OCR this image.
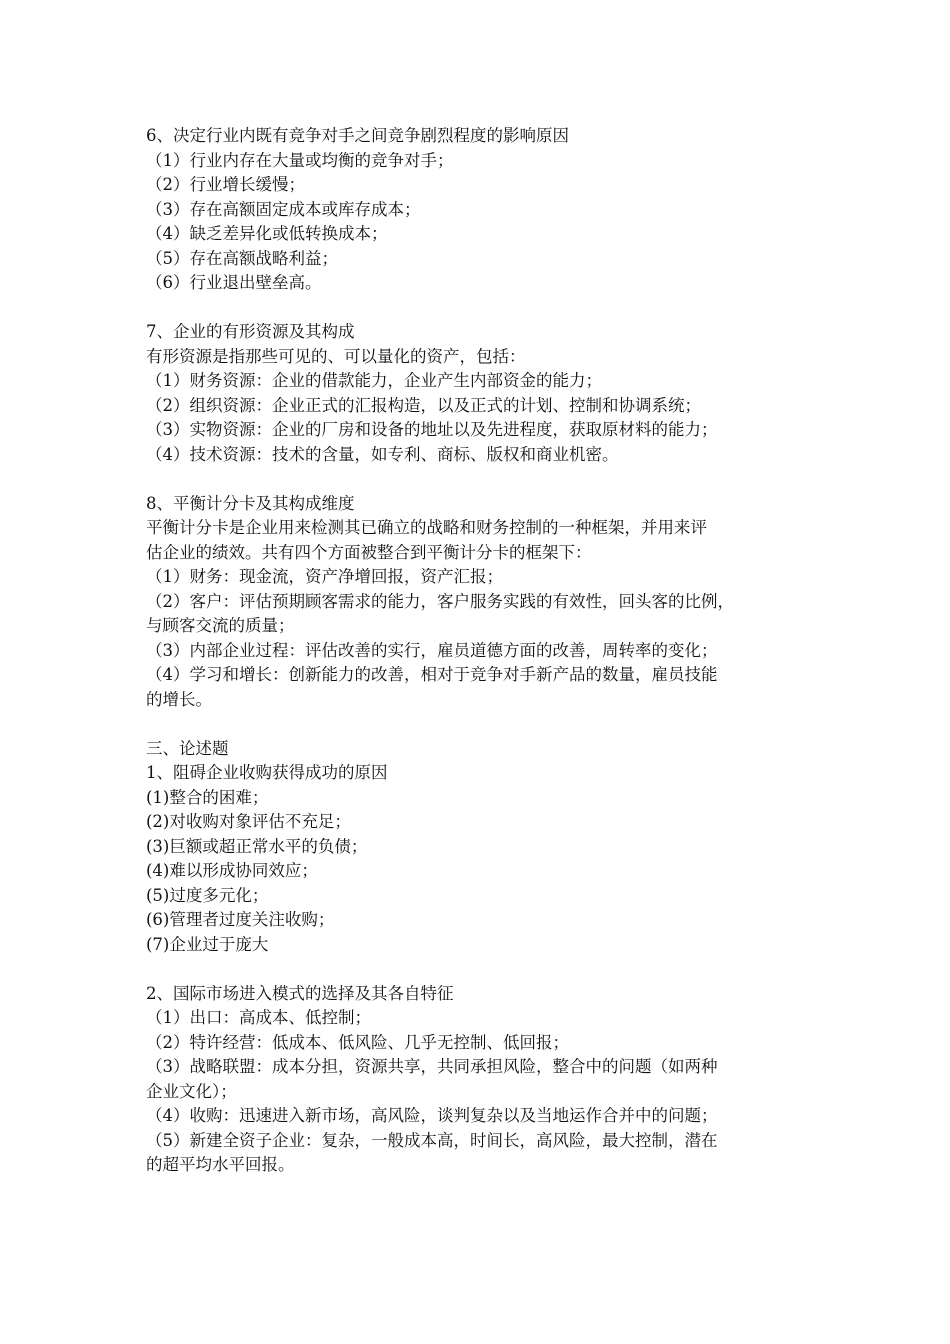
6、决定行业内既有竞争对手之间竞争剧烈程度的影响原因
（1）行业内存在大量或均衡的竞争对手；
（2）行业增长缓慢；
（3）存在高额固定成本或库存成本；
（4）缺乏差异化或低转换成本；
（5）存在高额战略利益；
（6）行业退出壁垒高。
7、企业的有形资源及其构成
有形资源是指那些可见的、可以量化的资产，包括：
（1）财务资源：企业的借款能力，企业产生内部资金的能力；
（2）组织资源：企业正式的汇报构造，以及正式的计划、控制和协调系统；
（3）实物资源：企业的厂房和设备的地址以及先进程度，获取原材料的能力；
（4）技术资源：技术的含量，如专利、商标、版权和商业机密。
8、平衡计分卡及其构成维度
平衡计分卡是企业用来检测其已确立的战略和财务控制的一种框架，并用来评
估企业的绩效。共有四个方面被整合到平衡计分卡的框架下：
（1）财务：现金流，资产净增回报，资产汇报；
（2）客户：评估预期顾客需求的能力，客户服务实践的有效性，回头客的比例，
与顾客交流的质量；
（3）内部企业过程：评估改善的实行，雇员道德方面的改善，周转率的变化；
（4）学习和增长：创新能力的改善，相对于竞争对手新产品的数量，雇员技能
的增长。
三、论述题
1、阻碍企业收购获得成功的原因
(1)整合的困难；
(2)对收购对象评估不充足；
(3)巨额或超正常水平的负债；
(4)难以形成协同效应；
(5)过度多元化；
(6)管理者过度关注收购；
(7)企业过于庞大
2、国际市场进入模式的选择及其各自特征
（1）出口：高成本、低控制；
（2）特许经营：低成本、低风险、几乎无控制、低回报；
（3）战略联盟：成本分担，资源共享，共同承担风险，整合中的问题（如两种
企业文化）；
（4）收购：迅速进入新市场，高风险，谈判复杂以及当地运作合并中的问题；
（5）新建全资子企业：复杂，一般成本高，时间长，高风险，最大控制，潜在
的超平均水平回报。
